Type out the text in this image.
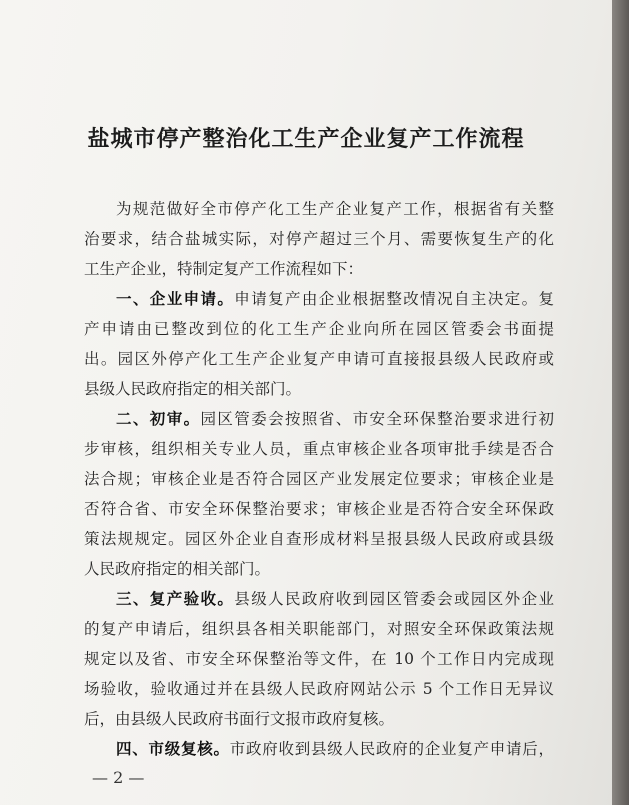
盐城市停产整治化工生产企业复产工作流程
为规范做好全市停产化工生产企业复产工作，根据省有关整
治要求，结合盐城实际，对停产超过三个月、需要恢复生产的化
工生产企业，特制定复产工作流程如下：
一、企业申请。申请复产由企业根据整改情况自主决定。复
产申请由已整改到位的化工生产企业向所在园区管委会书面提
出。园区外停产化工生产企业复产申请可直接报县级人民政府或
县级人民政府指定的相关部门。
二、初审。园区管委会按照省、市安全环保整治要求进行初
步审核，组织相关专业人员，重点审核企业各项审批手续是否合
法合规；审核企业是否符合园区产业发展定位要求；审核企业是
否符合省、市安全环保整治要求；审核企业是否符合安全环保政
策法规规定。园区外企业自查形成材料呈报县级人民政府或县级
人民政府指定的相关部门。
三、复产验收。县级人民政府收到园区管委会或园区外企业
的复产申请后，组织县各相关职能部门，对照安全环保政策法规
规定以及省、市安全环保整治等文件，在 10 个工作日内完成现
场验收，验收通过并在县级人民政府网站公示 5 个工作日无异议
后，由县级人民政府书面行文报市政府复核。
四、市级复核。市政府收到县级人民政府的企业复产申请后，
— 2 —
